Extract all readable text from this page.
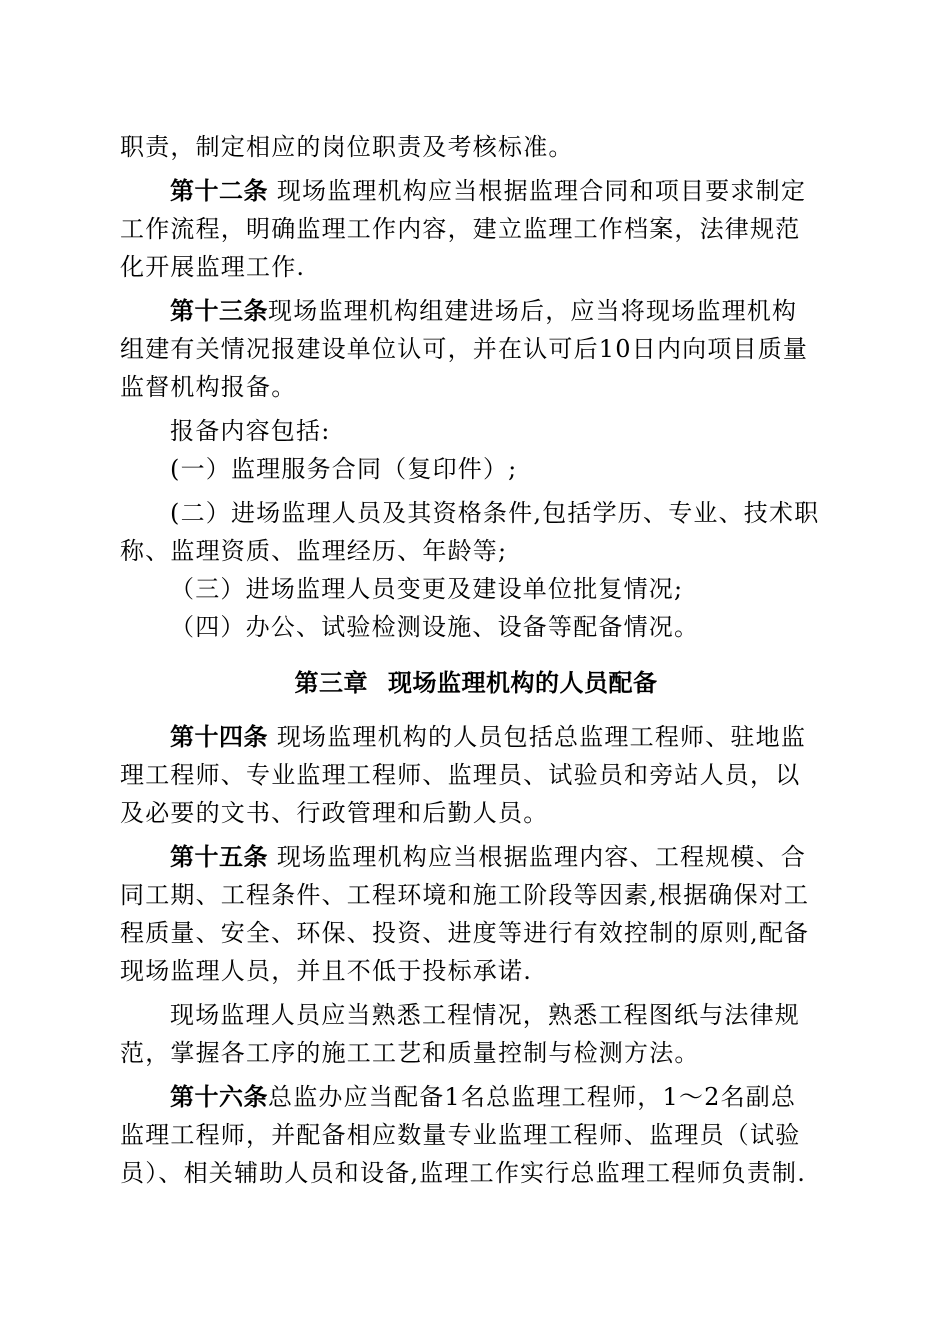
职责，制定相应的岗位职责及考核标准。
第十二条 现场监理机构应当根据监理合同和项目要求制定
工作流程，明确监理工作内容，建立监理工作档案，法律规范
化开展监理工作.
第十三条现场监理机构组建进场后，应当将现场监理机构
组建有关情况报建设单位认可，并在认可后10日内向项目质量
监督机构报备。
报备内容包括:
(一）监理服务合同（复印件）;
(二）进场监理人员及其资格条件,包括学历、专业、技术职
称、监理资质、监理经历、年龄等;
（三）进场监理人员变更及建设单位批复情况;
（四）办公、试验检测设施、设备等配备情况。
第三章 现场监理机构的人员配备
第十四条 现场监理机构的人员包括总监理工程师、驻地监
理工程师、专业监理工程师、监理员、试验员和旁站人员，以
及必要的文书、行政管理和后勤人员。
第十五条 现场监理机构应当根据监理内容、工程规模、合
同工期、工程条件、工程环境和施工阶段等因素,根据确保对工
程质量、安全、环保、投资、进度等进行有效控制的原则,配备
现场监理人员，并且不低于投标承诺.
现场监理人员应当熟悉工程情况，熟悉工程图纸与法律规
范，掌握各工序的施工工艺和质量控制与检测方法。
第十六条总监办应当配备1名总监理工程师，1～2名副总
监理工程师，并配备相应数量专业监理工程师、监理员（试验
员）、相关辅助人员和设备,监理工作实行总监理工程师负责制.
